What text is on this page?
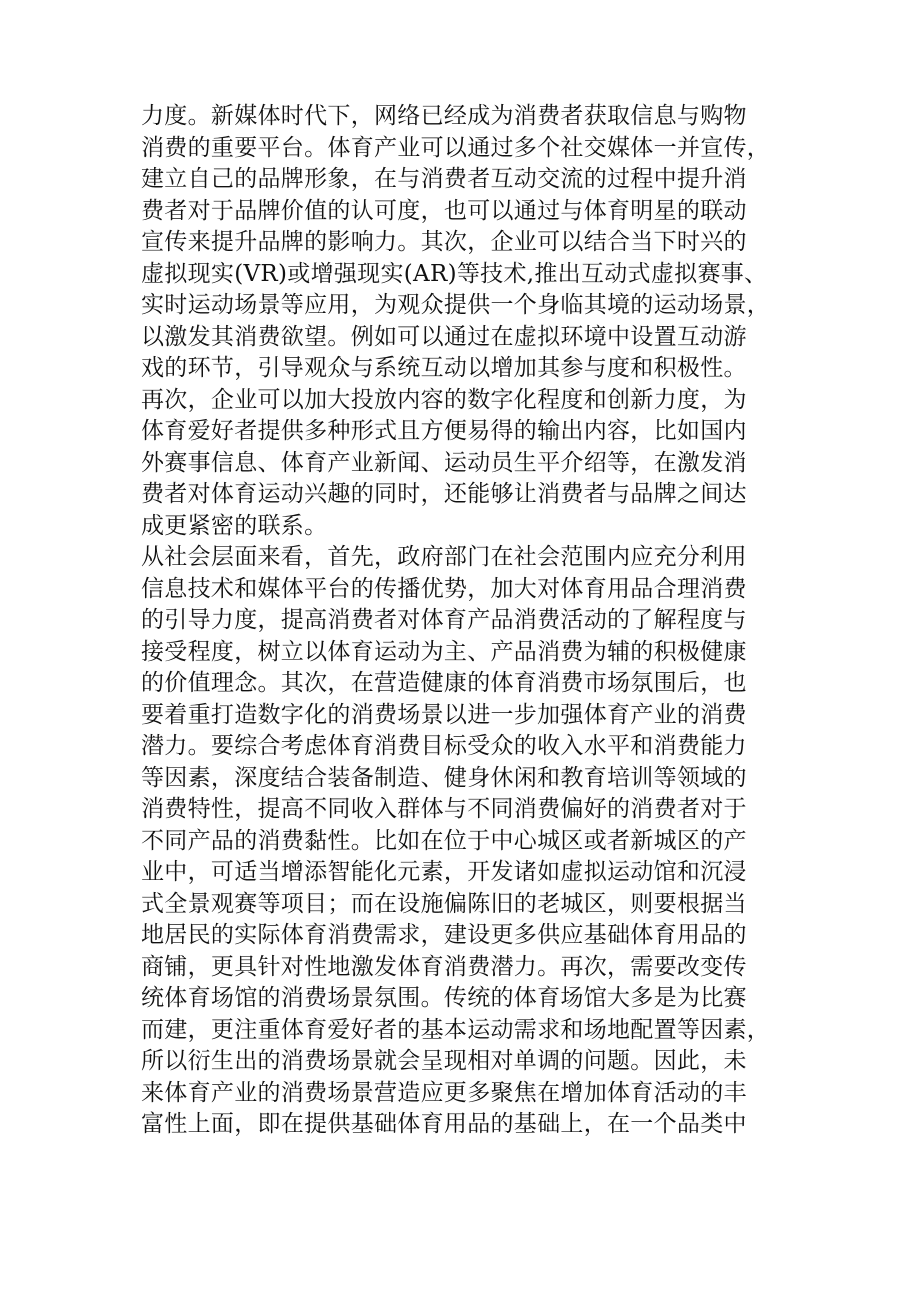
力度。新媒体时代下，网络已经成为消费者获取信息与购物
消费的重要平台。体育产业可以通过多个社交媒体一并宣传，
建立自己的品牌形象，在与消费者互动交流的过程中提升消
费者对于品牌价值的认可度，也可以通过与体育明星的联动
宣传来提升品牌的影响力。其次，企业可以结合当下时兴的
虚拟现实(VR)或增强现实(AR)等技术,推出互动式虚拟赛事、
实时运动场景等应用，为观众提供一个身临其境的运动场景，
以激发其消费欲望。例如可以通过在虚拟环境中设置互动游
戏的环节，引导观众与系统互动以增加其参与度和积极性。
再次，企业可以加大投放内容的数字化程度和创新力度，为
体育爱好者提供多种形式且方便易得的输出内容，比如国内
外赛事信息、体育产业新闻、运动员生平介绍等，在激发消
费者对体育运动兴趣的同时，还能够让消费者与品牌之间达
成更紧密的联系。
从社会层面来看，首先，政府部门在社会范围内应充分利用
信息技术和媒体平台的传播优势，加大对体育用品合理消费
的引导力度，提高消费者对体育产品消费活动的了解程度与
接受程度，树立以体育运动为主、产品消费为辅的积极健康
的价值理念。其次，在营造健康的体育消费市场氛围后，也
要着重打造数字化的消费场景以进一步加强体育产业的消费
潜力。要综合考虑体育消费目标受众的收入水平和消费能力
等因素，深度结合装备制造、健身休闲和教育培训等领域的
消费特性，提高不同收入群体与不同消费偏好的消费者对于
不同产品的消费黏性。比如在位于中心城区或者新城区的产
业中，可适当增添智能化元素，开发诸如虚拟运动馆和沉浸
式全景观赛等项目；而在设施偏陈旧的老城区，则要根据当
地居民的实际体育消费需求，建设更多供应基础体育用品的
商铺，更具针对性地激发体育消费潜力。再次，需要改变传
统体育场馆的消费场景氛围。传统的体育场馆大多是为比赛
而建，更注重体育爱好者的基本运动需求和场地配置等因素，
所以衍生出的消费场景就会呈现相对单调的问题。因此，未
来体育产业的消费场景营造应更多聚焦在增加体育活动的丰
富性上面，即在提供基础体育用品的基础上，在一个品类中
